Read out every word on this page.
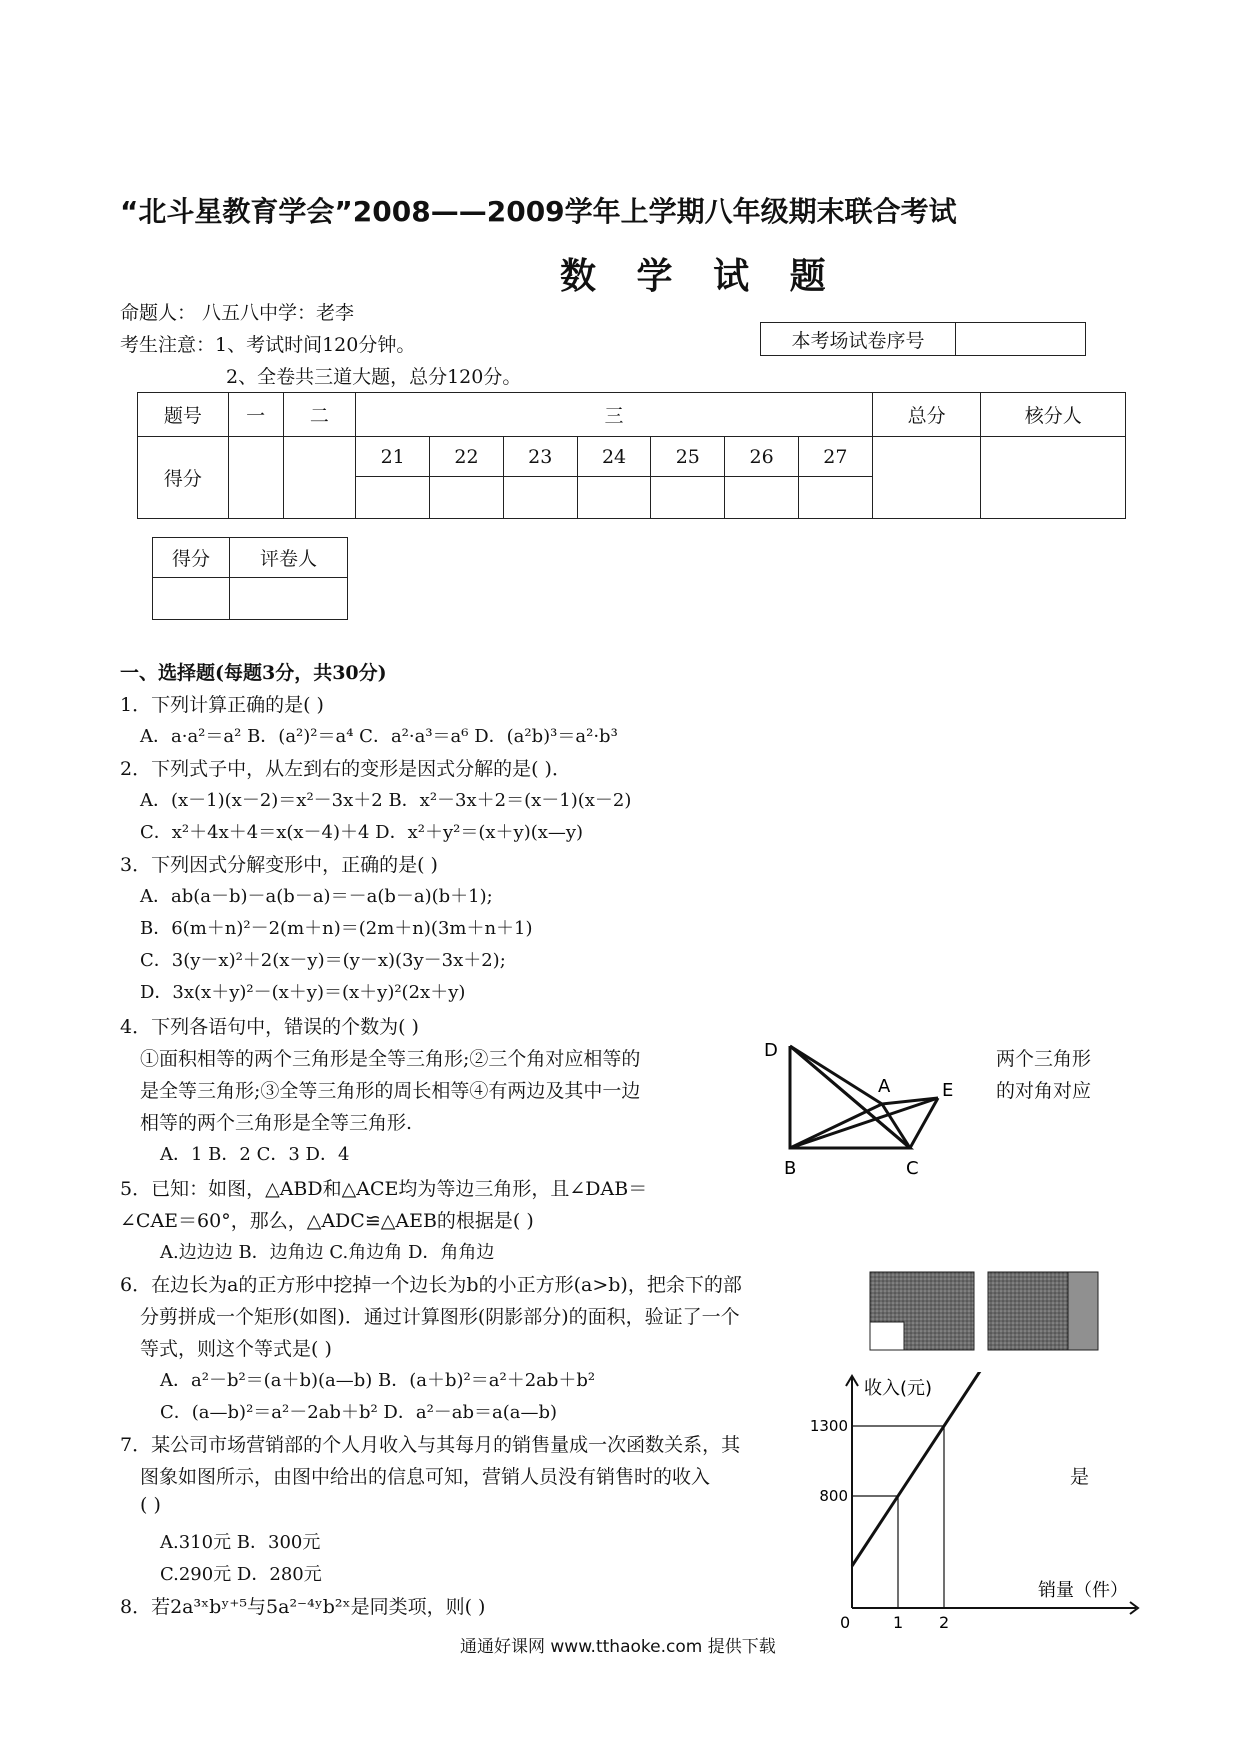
“北斗星教育学会”2008——2009学年上学期八年级期末联合考试
数 学 试 题
命题人： 八五八中学：老李
考生注意：1、考试时间120分钟。
2、全卷共三道大题，总分120分。
本考场试卷序号	
题号	一	二	三							总分	核分人
得分			21	22	23	24	25	26	27		

得分	评卷人

一、选择题(每题3分，共30分)
1．下列计算正确的是( )
A．a·a²＝a² B．(a²)²＝a⁴ C．a²·a³＝a⁶ D．(a²b)³＝a²·b³
2．下列式子中，从左到右的变形是因式分解的是( )．
A．(x－1)(x－2)＝x²－3x＋2 B．x²－3x＋2＝(x－1)(x－2)
C．x²＋4x＋4＝x(x－4)＋4 D．x²＋y²＝(x＋y)(x—y)
3．下列因式分解变形中，正确的是( )
A．ab(a－b)－a(b－a)＝－a(b－a)(b＋1);
B．6(m＋n)²－2(m＋n)＝(2m＋n)(3m＋n＋1)
C．3(y－x)²＋2(x－y)＝(y－x)(3y－3x＋2);
D．3x(x＋y)²－(x＋y)＝(x＋y)²(2x＋y)
4．下列各语句中，错误的个数为( )
①面积相等的两个三角形是全等三角形;②三个角对应相等的	两个三角形
是全等三角形;③全等三角形的周长相等④有两边及其中一边	的对角对应
相等的两个三角形是全等三角形.
A．1 B．2 C．3 D．4
5．已知：如图，△ABD和△ACE均为等边三角形，且∠DAB＝
∠CAE＝60°，那么，△ADC≌△AEB的根据是( )
A.边边边 B．边角边 C.角边角 D．角角边
6．在边长为a的正方形中挖掉一个边长为b的小正方形(a>b)，把余下的部
分剪拼成一个矩形(如图)．通过计算图形(阴影部分)的面积，验证了一个
等式，则这个等式是( )
A．a²－b²＝(a＋b)(a—b) B．(a＋b)²＝a²＋2ab＋b²
C．(a—b)²＝a²－2ab＋b² D．a²－ab＝a(a—b)
7．某公司市场营销部的个人月收入与其每月的销售量成一次函数关系，其
图象如图所示，由图中给出的信息可知，营销人员没有销售时的收入	是
( )
A.310元 B．300元
C.290元 D．280元
8．若2a³ˣbʸ⁺⁵与5a²⁻⁴ʸb²ˣ是同类项，则( )
通通好课网 www.tthaoke.com 提供下载
D
A	E
B	C
收入(元)
销量（件）
0	1 2
800
1300
